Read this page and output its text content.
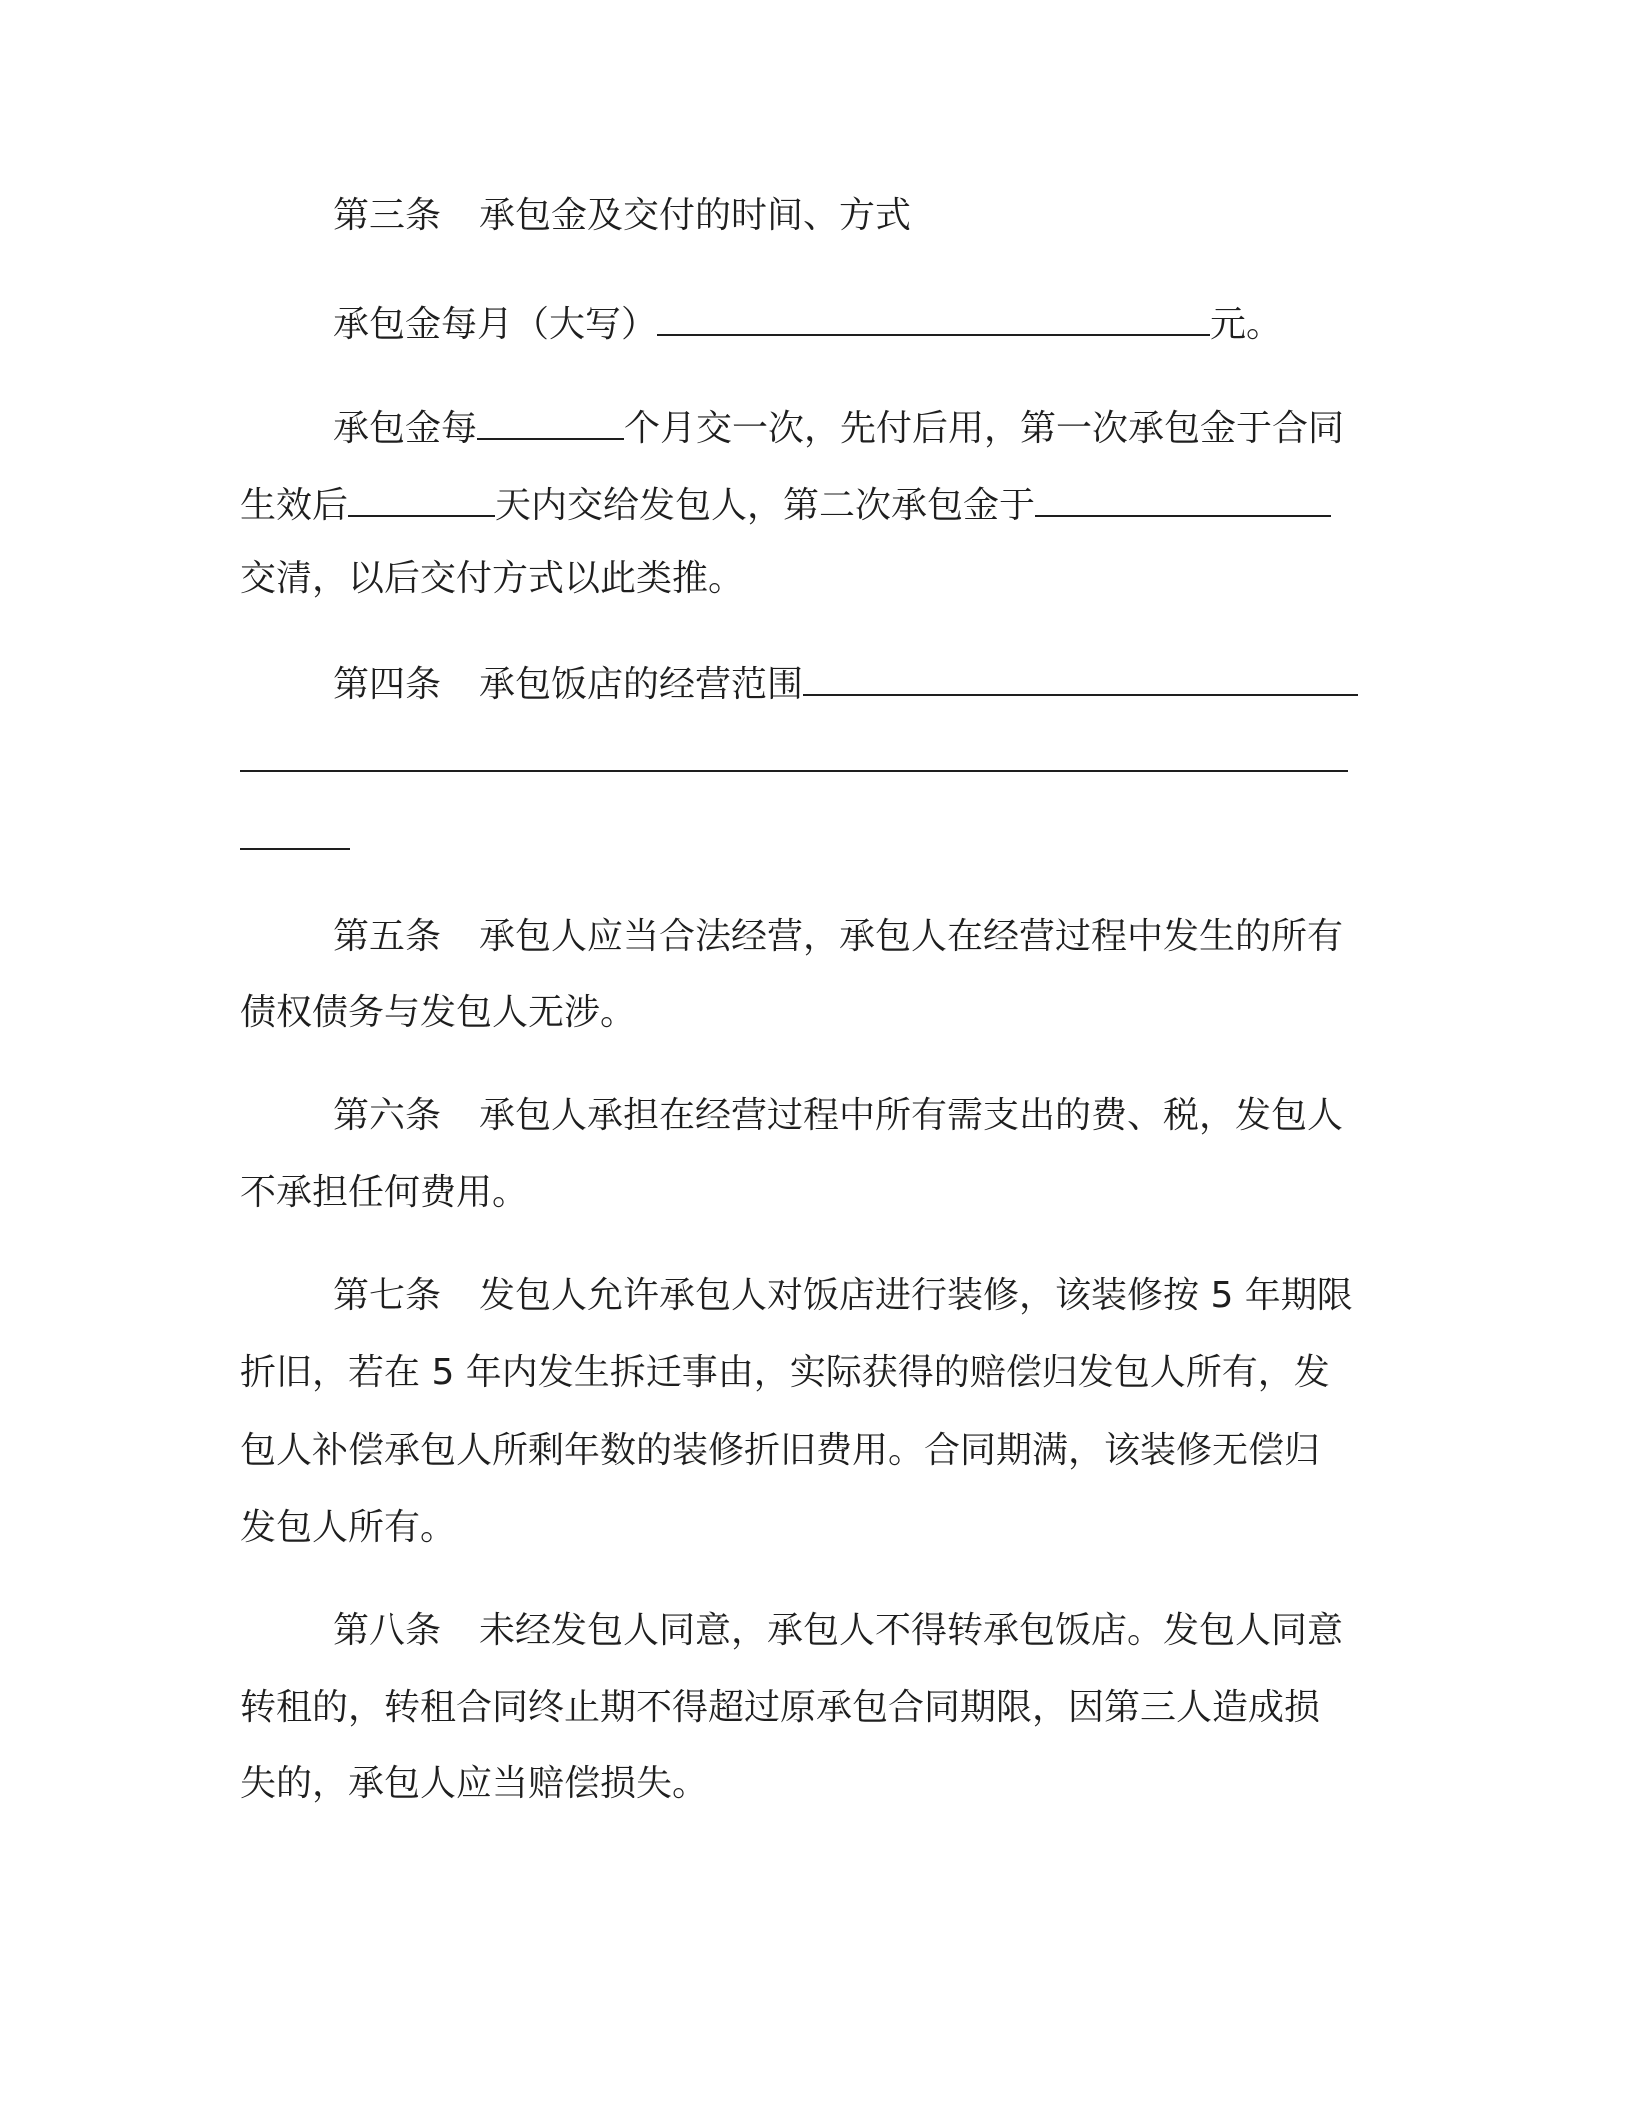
第三条 承包金及交付的时间、方式
承包金每月（大写）	元。
承包金每	个月交一次，先付后用，第一次承包金于合同
生效后	天内交给发包人，第二次承包金于
交清，以后交付方式以此类推。
第四条 承包饭店的经营范围
第五条 承包人应当合法经营，承包人在经营过程中发生的所有
债权债务与发包人无涉。
第六条 承包人承担在经营过程中所有需支出的费、税，发包人
不承担任何费用。
第七条 发包人允许承包人对饭店进行装修，该装修按 5 年期限
折旧，若在 5 年内发生拆迁事由，实际获得的赔偿归发包人所有，发
包人补偿承包人所剩年数的装修折旧费用。合同期满，该装修无偿归
发包人所有。
第八条 未经发包人同意，承包人不得转承包饭店。发包人同意
转租的，转租合同终止期不得超过原承包合同期限，因第三人造成损
失的，承包人应当赔偿损失。
